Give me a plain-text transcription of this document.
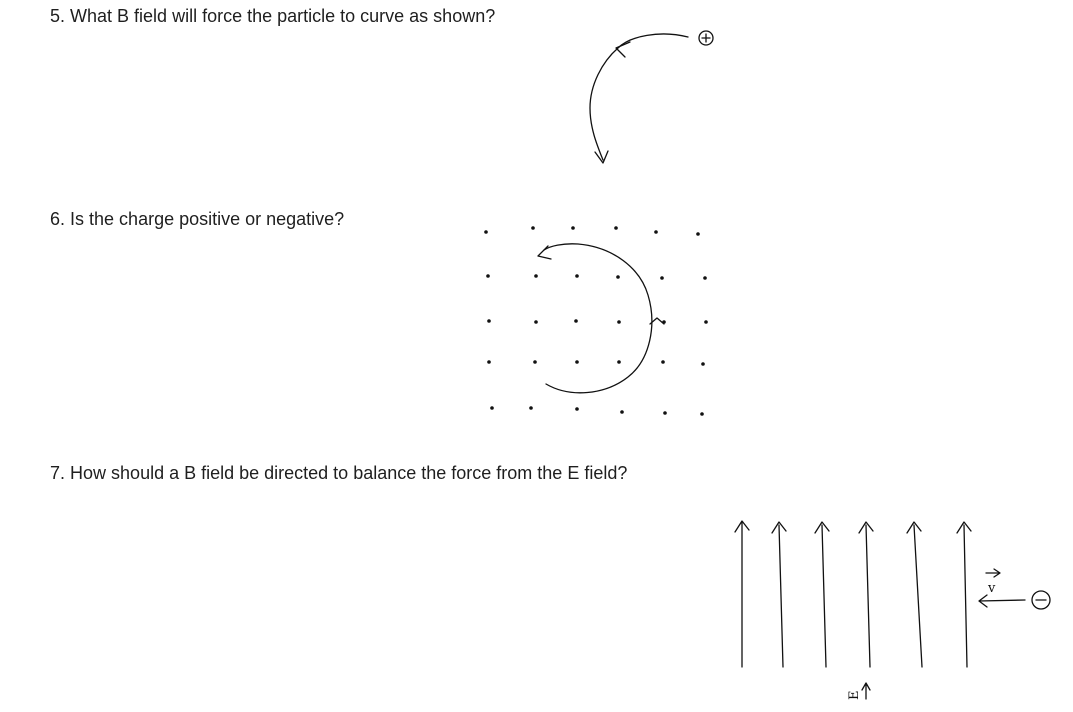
5. What B field will force the particle to curve as shown?
6. Is the charge positive or negative?
7. How should a B field be directed to balance the force from the E field?
E
v
